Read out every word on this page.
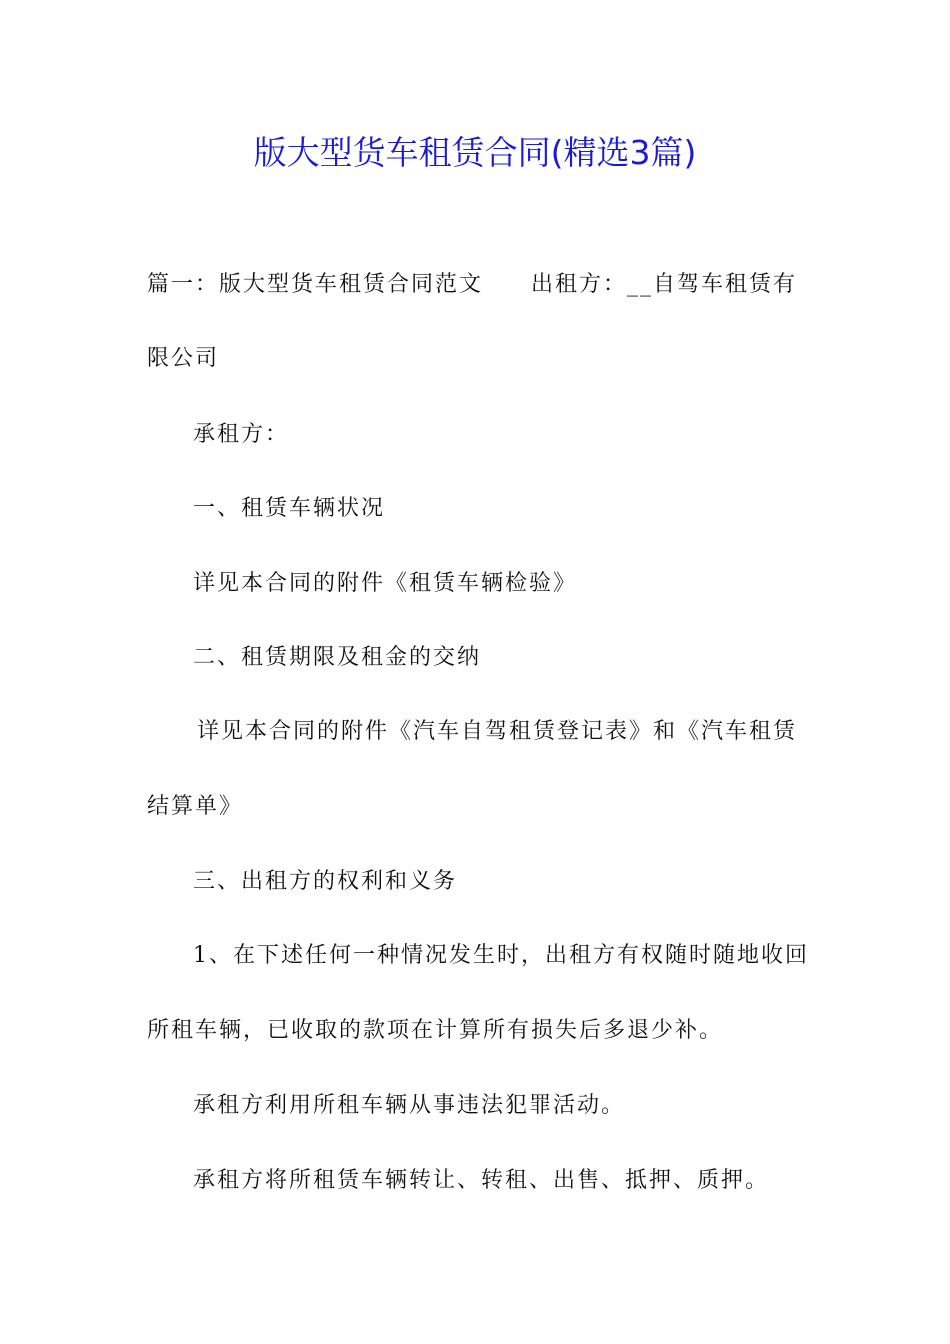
版大型货车租赁合同(精选3篇)

篇一：版大型货车租赁合同范文 出租方：__自驾车租赁有

限公司

承租方：

一、租赁车辆状况

详见本合同的附件《租赁车辆检验》

二、租赁期限及租金的交纳

详见本合同的附件《汽车自驾租赁登记表》和《汽车租赁

结算单》

三、出租方的权利和义务

1、在下述任何一种情况发生时，出租方有权随时随地收回

所租车辆，已收取的款项在计算所有损失后多退少补。

承租方利用所租车辆从事违法犯罪活动。

承租方将所租赁车辆转让、转租、出售、抵押、质押。
